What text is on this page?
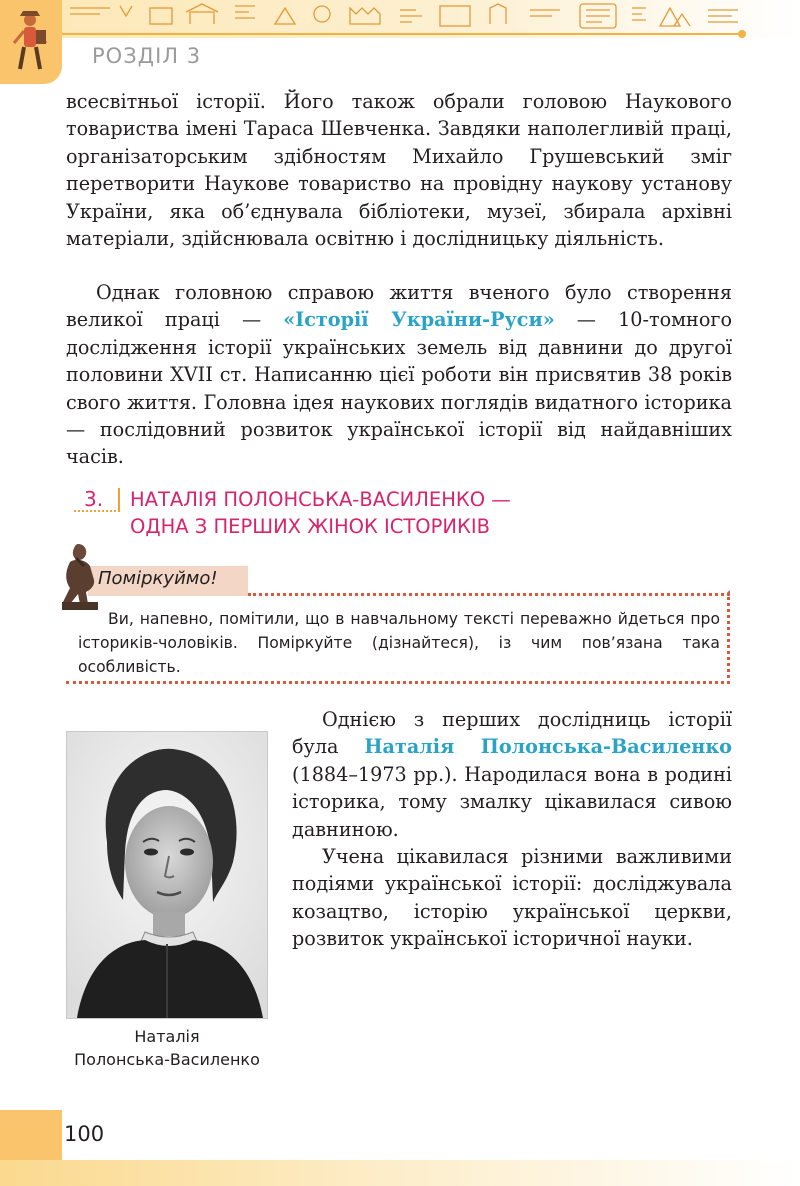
РОЗДІЛ 3

всесвітньої історії. Його також обрали головою Наукового товариства імені Тараса Шевченка. Завдяки наполегливій праці, організаторським здібностям Михайло Грушевський зміг перетворити Наукове товариство на провідну наукову установу України, яка об’єднувала бібліотеки, музеї, збирала архівні матеріали, здійснювала освітню і дослідницьку діяльність.

Однак головною справою життя вченого було створення великої праці — «Історії України-Руси» — 10-томного дослідження історії українських земель від давнини до другої половини XVII ст. Написанню цієї роботи він присвятив 38 років свого життя. Головна ідея наукових поглядів видатного історика — послідовний розвиток української історії від найдавніших часів.

3. НАТАЛІЯ ПОЛОНСЬКА-ВАСИЛЕНКО —
ОДНА З ПЕРШИХ ЖІНОК ІСТОРИКІВ
Поміркуймо!
Ви, напевно, помітили, що в навчальному тексті переважно йдеться про істориків-чоловіків. Поміркуйте (дізнайтеся), із чим пов’язана така особливість.
Наталія
Полонська-Василенко

Однією з перших дослідниць історії була Наталія Полонська-Василенко (1884–1973 рр.). Народилася вона в родині історика, тому змалку цікавилася сивою давниною.

Учена цікавилася різними важливими подіями української історії: досліджувала козацтво, історію української церкви, розвиток української історичної науки.

100
